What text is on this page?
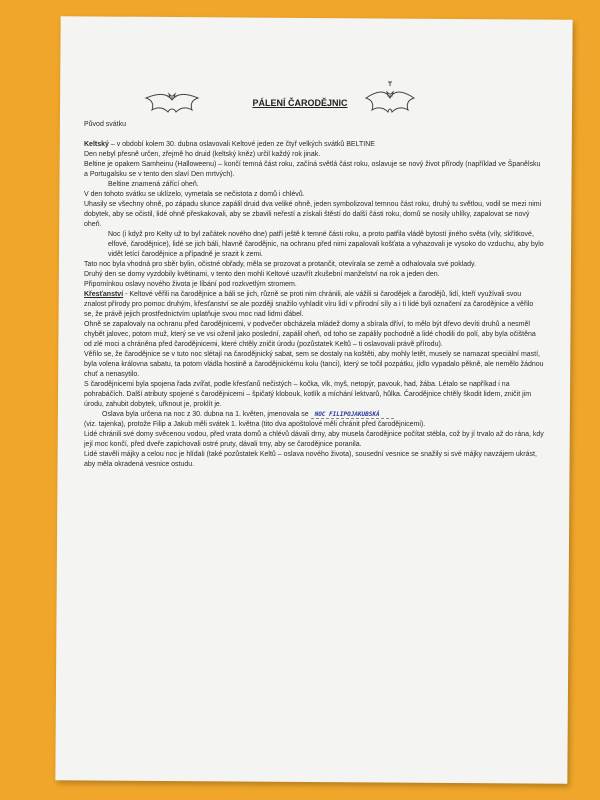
PÁLENÍ ČARODĚJNIC

Původ svátku

Keltský – v období kolem 30. dubna oslavovali Keltové jeden ze čtyř velkých svátků BELTINE

Den nebyl přesně určen, zřejmě ho druid (keltský kněz) určil každý rok jinak.

Beltine je opakem Samheinu (Halloweenu) – končí temná část roku, začíná světlá část roku, oslavuje se nový život přírody (například ve Španělsku a Portugalsku se v tento den slaví Den mrtvých).

Beltine znamená zářící oheň.

V den tohoto svátku se uklízelo, vymetala se nečistota z domů i chlévů.

Uhasily se všechny ohně, po západu slunce zapálil druid dva veliké ohně, jeden symbolizoval temnou část roku, druhý tu světlou, vodil se mezi nimi dobytek, aby se očistil, lidé ohně přeskakovali, aby se zbavili neřestí a získali štěstí do další části roku, domů se nosily uhlíky, zapalovat se nový oheň.

Noc (i když pro Kelty už to byl začátek nového dne) patří ještě k temné části roku, a proto patřila vládě bytostí jiného světa (víly, skřítkové, elfové, čarodějnice), lidé se jich báli, hlavně čarodějnic, na ochranu před nimi zapalovali košťata a vyhazovali je vysoko do vzduchu, aby bylo vidět letící čarodějnice a případně je srazit k zemi.

Tato noc byla vhodná pro sběr bylin, očistné obřady, měla se prozovat a protančit, otevírala se země a odhalovala své poklady.

Druhý den se domy vyzdobily květinami, v tento den mohli Keltové uzavřít zkušební manželství na rok a jeden den.

Připomínkou oslavy nového života je líbání pod rozkvetlým stromem.

Křesťanství - Keltové věřili na čarodějnice a báli se jich, různě se proti nim chránili, ale vážili si čarodějek a čarodějů, lidí, kteří využívali svou znalost přírody pro pomoc druhým, křesťanství se ale později snažilo vyhladit víru lidí v přírodní síly a i ti lidé byli označení za čarodějnice a věřilo se, že právě jejich prostřednictvím uplatňuje svou moc nad lidmi ďábel.

Ohně se zapalovaly na ochranu před čarodějnicemi, v podvečer obcházela mládež domy a sbírala dříví, to mělo být dřevo devíti druhů a nesměl chybět jalovec, potom muž, který se ve vsi oženil jako poslední, zapálil oheň, od toho se zapálily pochodně a lidé chodili do polí, aby byla očištěna od zlé moci a chráněna před čarodějnicemi, které chtěly zničit úrodu (pozůstatek Keltů – ti oslavovali právě přírodu).

Věřilo se, že čarodějnice se v tuto noc slétají na čarodějnický sabat, sem se dostaly na koštěti, aby mohly letět, musely se namazat speciální mastí, byla volena královna sabatu, ta potom vládla hostině a čarodějnickému kolu (tanci), který se točil pozpátku, jídlo vypadalo pěkně, ale nemělo žádnou chuť a nenasytilo.

S čarodějnicemi byla spojena řada zvířat, podle křesťanů nečistých – kočka, vlk, myš, netopýr, pavouk, had, žába. Létalo se napříkad i na pohrabáčích. Další atributy spojené s čarodějnicemi – špičatý klobouk, kotlík a míchání lektvarů, hůlka. Čarodějnice chtěly škodit lidem, zničit jim úrodu, zahubit dobytek, uřknout je, proklít je.

Oslava byla určena na noc z 30. dubna na 1. květen, jmenovala se NOC FILIPOJAKUBSKÁ

(viz. tajenka), protože Filip a Jakub měli svátek 1. května (tito dva apoštolové měli chránit před čarodějnicemi).

Lidé chránili své domy svěcenou vodou, před vrata domů a chlévů dávali drny, aby musela čarodějnice počítat stébla, což by jí trvalo až do rána, kdy její moc končí, před dveře zapichovali ostré pruty, dávali trny, aby se čarodějnice poranila.

Lidé stavěli májky a celou noc je hlídali (také pozůstatek Keltů – oslava nového života), sousední vesnice se snažily si své májky navzájem ukrást, aby měla okradená vesnice ostudu.
